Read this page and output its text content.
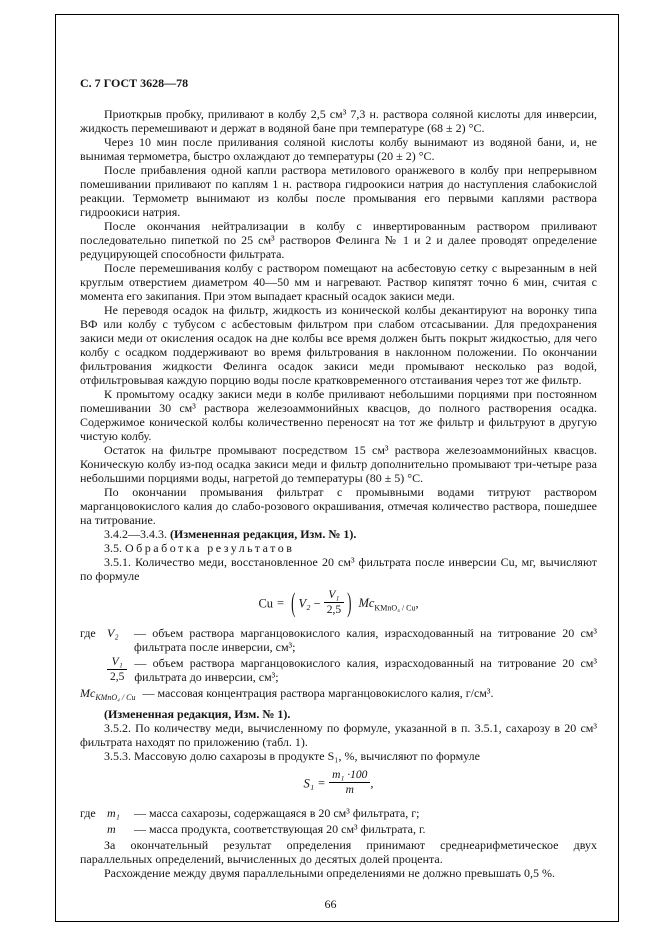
С. 7 ГОСТ 3628—78

Приоткрыв пробку, приливают в колбу 2,5 см³ 7,3 н. раствора соляной кислоты для инверсии, жидкость перемешивают и держат в водяной бане при температуре (68 ± 2) °С.

Через 10 мин после приливания соляной кислоты колбу вынимают из водяной бани, и, не вынимая термометра, быстро охлаждают до температуры (20 ± 2) °С.

После прибавления одной капли раствора метилового оранжевого в колбу при непрерывном помешивании приливают по каплям 1 н. раствора гидроокиси натрия до наступления слабокислой реакции. Термометр вынимают из колбы после промывания его первыми каплями раствора гидроокиси натрия.

После окончания нейтрализации в колбу с инвертированным раствором приливают последовательно пипеткой по 25 см³ растворов Фелинга № 1 и 2 и далее проводят определение редуцирующей способности фильтрата.

После перемешивания колбу с раствором помещают на асбестовую сетку с вырезанным в ней круглым отверстием диаметром 40—50 мм и нагревают. Раствор кипятят точно 6 мин, считая с момента его закипания. При этом выпадает красный осадок закиси меди.

Не переводя осадок на фильтр, жидкость из конической колбы декантируют на воронку типа ВФ или колбу с тубусом с асбестовым фильтром при слабом отсасывании. Для предохранения закиси меди от окисления осадок на дне колбы все время должен быть покрыт жидкостью, для чего колбу с осадком поддерживают во время фильтрования в наклонном положении. По окончании фильтрования жидкости Фелинга осадок закиси меди промывают несколько раз водой, отфильтровывая каждую порцию воды после кратковременного отстаивания через тот же фильтр.

К промытому осадку закиси меди в колбе приливают небольшими порциями при постоянном помешивании 30 см³ раствора железоаммонийных квасцов, до полного растворения осадка. Содержимое конической колбы количественно переносят на тот же фильтр и фильтруют в другую чистую колбу.

Остаток на фильтре промывают посредством 15 см³ раствора железоаммонийных квасцов. Коническую колбу из-под осадка закиси меди и фильтр дополнительно промывают три-четыре раза небольшими порциями воды, нагретой до температуры (80 ± 5) °С.

По окончании промывания фильтрат с промывными водами титруют раствором марганцовокислого калия до слабо-розового окрашивания, отмечая количество раствора, пошедшее на титрование.

3.4.2—3.4.3. (Измененная редакция, Изм. № 1).

3.5. Обработка результатов

3.5.1. Количество меди, восстановленное 20 см³ фильтрата после инверсии Cu, мг, вычисляют по формуле

Cu = ( $V_2 - \frac{\text{V₁}}{2,5}$ ) $Mc_{KMnO_4 / Cu}$,
где V₂	— объем раствора марганцовокислого калия, израсходованный на титрование 20 см³ фильтрата после инверсии, см³;
$\frac{\text{V₁}}{2,5}$ — объем раствора марганцовокислого калия, израсходованный на титрование 20 см³ фильтрата до инверсии, см³;
$Mc_{KMnO_4 / Cu}$ — массовая концентрация раствора марганцовокислого калия, г/см³.

(Измененная редакция, Изм. № 1).

3.5.2. По количеству меди, вычисленному по формуле, указанной в п. 3.5.1, сахарозу в 20 см³ фильтрата находят по приложению (табл. 1).

3.5.3. Массовую долю сахарозы в продукте S₁, %, вычисляют по формуле

$S_1 = \frac{\text{m₁ ·100}}{m}$ ,
где m₁	— масса сахарозы, содержащаяся в 20 см³ фильтрата, г;
m	— масса продукта, соответствующая 20 см³ фильтрата, г.

За окончательный результат определения принимают среднеарифметическое двух параллельных определений, вычисленных до десятых долей процента.

Расхождение между двумя параллельными определениями не должно превышать 0,5 %.

66
